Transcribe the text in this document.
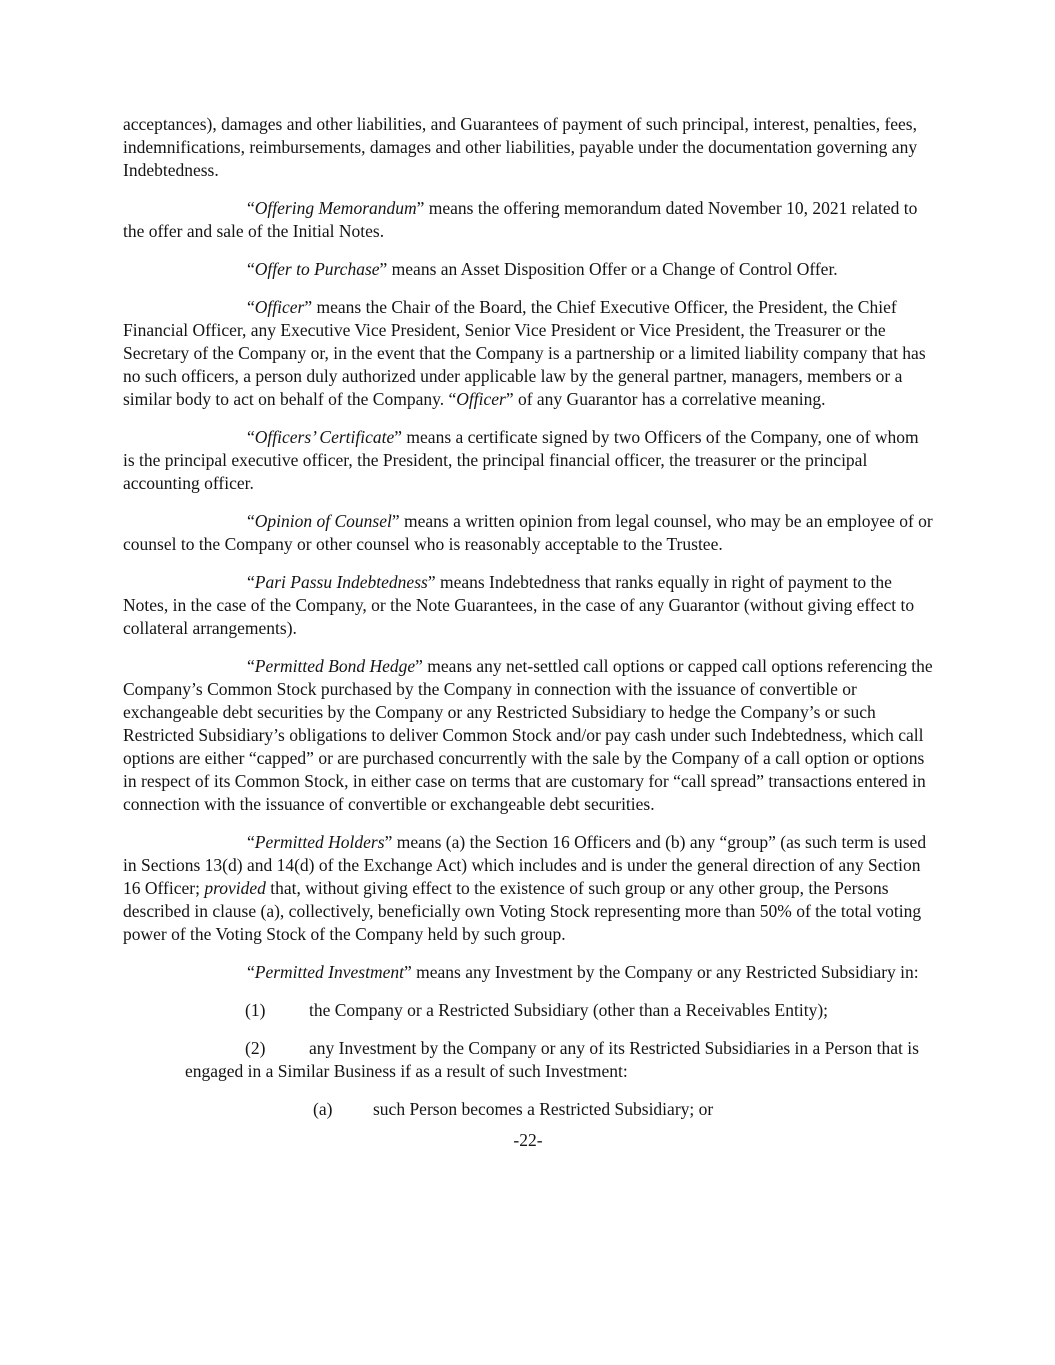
acceptances), damages and other liabilities, and Guarantees of payment of such principal, interest, penalties, fees, indemnifications, reimbursements, damages and other liabilities, payable under the documentation governing any Indebtedness.

“Offering Memorandum” means the offering memorandum dated November 10, 2021 related to the offer and sale of the Initial Notes.

“Offer to Purchase” means an Asset Disposition Offer or a Change of Control Offer.

“Officer” means the Chair of the Board, the Chief Executive Officer, the President, the Chief Financial Officer, any Executive Vice President, Senior Vice President or Vice President, the Treasurer or the Secretary of the Company or, in the event that the Company is a partnership or a limited liability company that has no such officers, a person duly authorized under applicable law by the general partner, managers, members or a similar body to act on behalf of the Company. “Officer” of any Guarantor has a correlative meaning.

“Officers’ Certificate” means a certificate signed by two Officers of the Company, one of whom is the principal executive officer, the President, the principal financial officer, the treasurer or the principal accounting officer.

“Opinion of Counsel” means a written opinion from legal counsel, who may be an employee of or counsel to the Company or other counsel who is reasonably acceptable to the Trustee.

“Pari Passu Indebtedness” means Indebtedness that ranks equally in right of payment to the Notes, in the case of the Company, or the Note Guarantees, in the case of any Guarantor (without giving effect to collateral arrangements).

“Permitted Bond Hedge” means any net-settled call options or capped call options referencing the Company’s Common Stock purchased by the Company in connection with the issuance of convertible or exchangeable debt securities by the Company or any Restricted Subsidiary to hedge the Company’s or such Restricted Subsidiary’s obligations to deliver Common Stock and/or pay cash under such Indebtedness, which call options are either “capped” or are purchased concurrently with the sale by the Company of a call option or options in respect of its Common Stock, in either case on terms that are customary for “call spread” transactions entered in connection with the issuance of convertible or exchangeable debt securities.

“Permitted Holders” means (a) the Section 16 Officers and (b) any “group” (as such term is used in Sections 13(d) and 14(d) of the Exchange Act) which includes and is under the general direction of any Section 16 Officer; provided that, without giving effect to the existence of such group or any other group, the Persons described in clause (a), collectively, beneficially own Voting Stock representing more than 50% of the total voting power of the Voting Stock of the Company held by such group.

“Permitted Investment” means any Investment by the Company or any Restricted Subsidiary in:

(1) the Company or a Restricted Subsidiary (other than a Receivables Entity);

(2) any Investment by the Company or any of its Restricted Subsidiaries in a Person that is engaged in a Similar Business if as a result of such Investment:

(a) such Person becomes a Restricted Subsidiary; or

-22-
